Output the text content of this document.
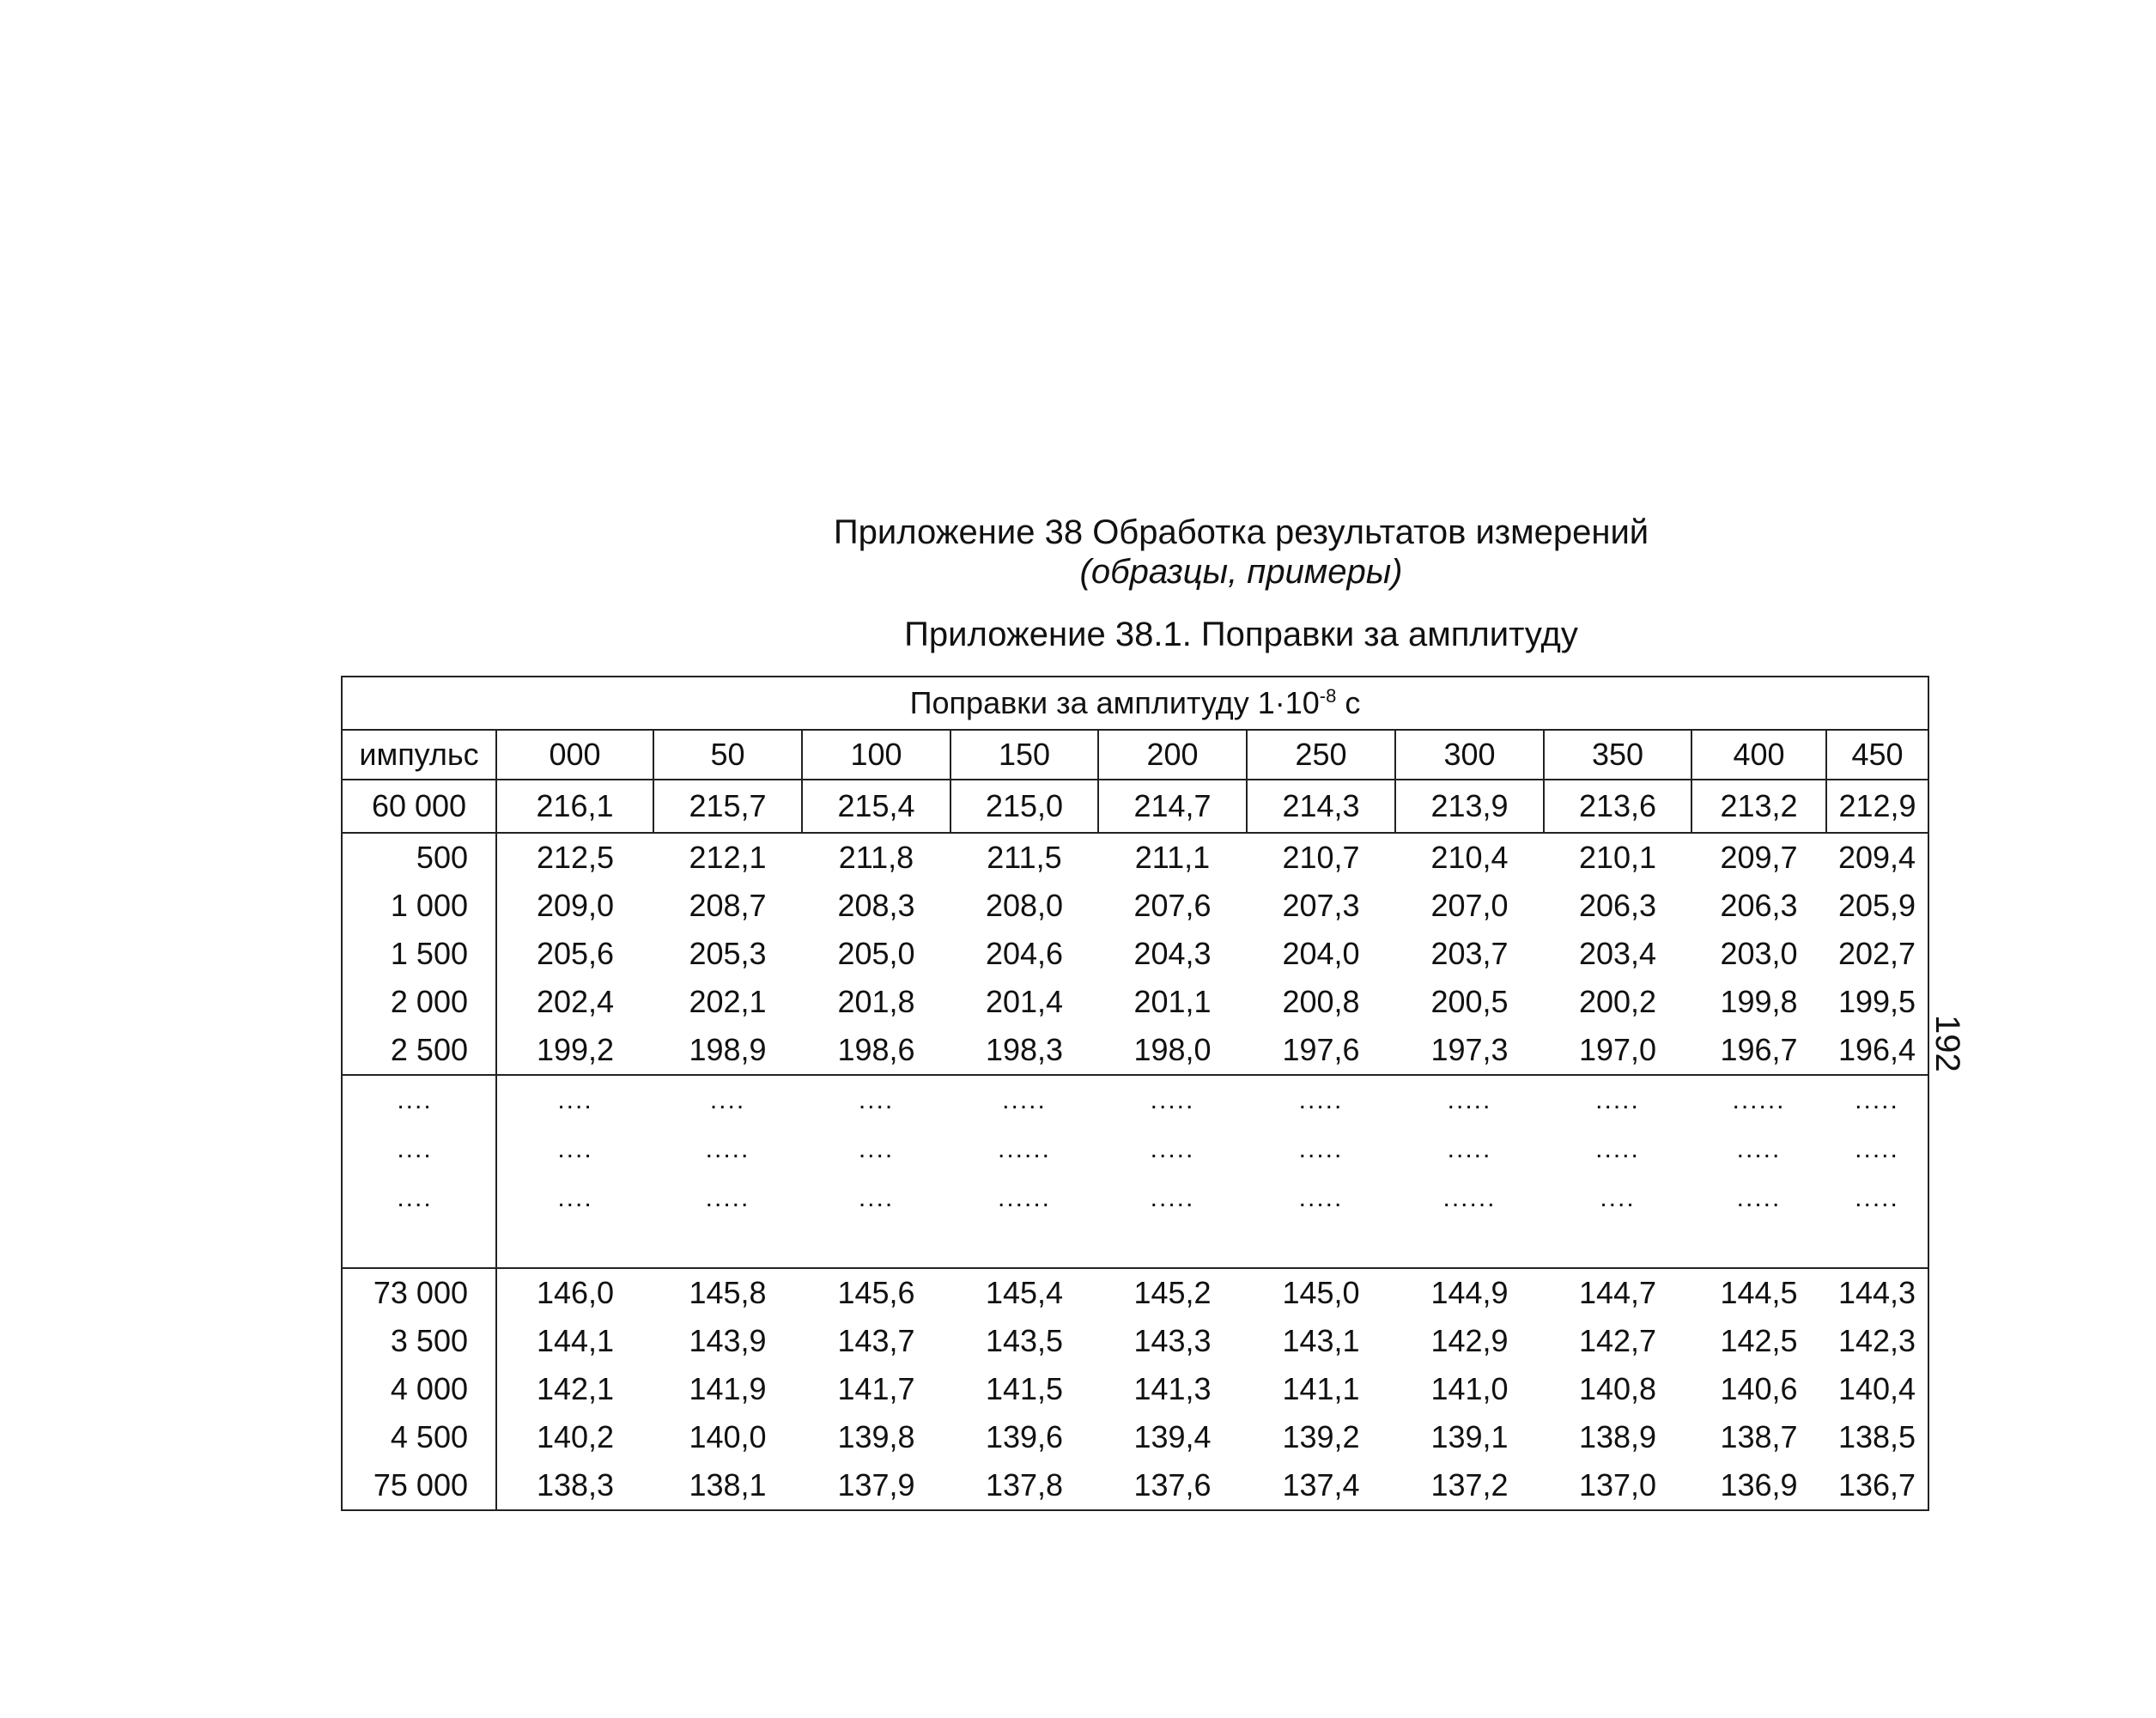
Приложение 38 Обработка результатов измерений
(образцы, примеры)
Приложение 38.1. Поправки за амплитуду
Поправки за амплитуду $1\cdot 10^{-8}$ с										
импульс	000	50	100	150	200	250	300	350	400	450
60 000	216,1	215,7	215,4	215,0	214,7	214,3	213,9	213,6	213,2	212,9
500	212,5	212,1	211,8	211,5	211,1	210,7	210,4	210,1	209,7	209,4
1 000	209,0	208,7	208,3	208,0	207,6	207,3	207,0	206,3	206,3	205,9
1 500	205,6	205,3	205,0	204,6	204,3	204,0	203,7	203,4	203,0	202,7
2 000	202,4	202,1	201,8	201,4	201,1	200,8	200,5	200,2	199,8	199,5
2 500	199,2	198,9	198,6	198,3	198,0	197,6	197,3	197,0	196,7	196,4
....	....	....	....	.....	.....	.....	.....	.....	......	.....
....	....	.....	....	......	.....	.....	.....	.....	.....	.....
....	....	.....	....	......	.....	.....	......	....	.....	.....

73 000	146,0	145,8	145,6	145,4	145,2	145,0	144,9	144,7	144,5	144,3
3 500	144,1	143,9	143,7	143,5	143,3	143,1	142,9	142,7	142,5	142,3
4 000	142,1	141,9	141,7	141,5	141,3	141,1	141,0	140,8	140,6	140,4
4 500	140,2	140,0	139,8	139,6	139,4	139,2	139,1	138,9	138,7	138,5
75 000	138,3	138,1	137,9	137,8	137,6	137,4	137,2	137,0	136,9	136,7
192
